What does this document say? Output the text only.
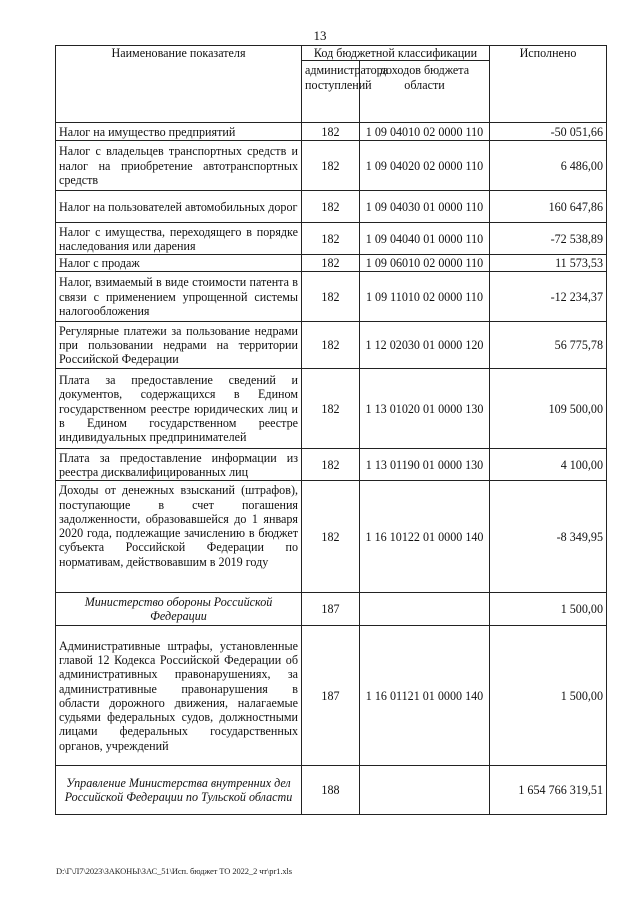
13
Наименование показателя	Код бюджетной классификации		Исполнено
	администратора поступлений	доходов бюджета области	
Налог на имущество предприятий	182	1 09 04010 02 0000 110	-50 051,66
Налог с владельцев транспортных средств и налог на приобретение автотранспортных средств	182	1 09 04020 02 0000 110	6 486,00
Налог на пользователей автомобильных дорог	182	1 09 04030 01 0000 110	160 647,86
Налог с имущества, переходящего в порядке наследования или дарения	182	1 09 04040 01 0000 110	-72 538,89
Налог с продаж	182	1 09 06010 02 0000 110	11 573,53
Налог, взимаемый в виде стоимости патента в связи с применением упрощенной системы налогообложения	182	1 09 11010 02 0000 110	-12 234,37
Регулярные платежи за пользование недрами при пользовании недрами на территории Российской Федерации	182	1 12 02030 01 0000 120	56 775,78
Плата за предоставление сведений и документов, содержащихся в Едином государственном реестре юридических лиц и в Едином государственном реестре индивидуальных предпринимателей	182	1 13 01020 01 0000 130	109 500,00
Плата за предоставление информации из реестра дисквалифицированных лиц	182	1 13 01190 01 0000 130	4 100,00
Доходы от денежных взысканий (штрафов), поступающие в счет погашения задолженности, образовавшейся до 1 января 2020 года, подлежащие зачислению в бюджет субъекта Российской Федерации по нормативам, действовавшим в 2019 году	182	1 16 10122 01 0000 140	-8 349,95
Министерство обороны Российской Федерации	187		1 500,00
Административные штрафы, установленные главой 12 Кодекса Российской Федерации об административных правонарушениях, за административные правонарушения в области дорожного движения, налагаемые судьями федеральных судов, должностными лицами федеральных государственных органов, учреждений	187	1 16 01121 01 0000 140	1 500,00
Управление Министерства внутренних дел Российской Федерации по Тульской области	188		1 654 766 319,51
D:\Г\Л7\2023\ЗАКОНЫ\ЗАС_51\Исп. бюджет ТО 2022_2 чт\pr1.xls
